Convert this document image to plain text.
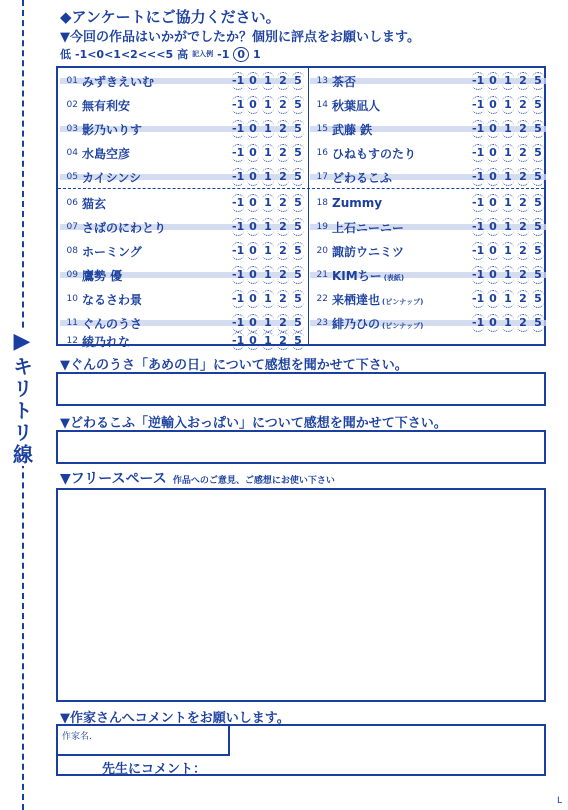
▶
キリトリ線
◆アンケートにご協力ください。
▼今回の作品はいかがでしたか？個別に評点をお願いします。
低 -1<0<1<2<<<5 高 記入例 -1 0 1
01 みずきえいむ	-1 0 1 2 5
02 無有利安	-1 0 1 2 5
03 影乃いりす	-1 0 1 2 5
04 水島空彦	-1 0 1 2 5
05 カイシンシ	-1 0 1 2 5
06 猫玄	-1 0 1 2 5
07 さばのにわとり	-1 0 1 2 5
08 ホーミング	-1 0 1 2 5
09 鷹勢 優	-1 0 1 2 5
10 なるさわ景	-1 0 1 2 5
11 ぐんのうさ	-1 0 1 2 5
12 綾乃れな	-1 0 1 2 5
13 茶否	-1 0 1 2 5
14 秋葉凪人	-1 0 1 2 5
15 武藤 鉄	-1 0 1 2 5
16 ひねもすのたり	-1 0 1 2 5
17 どわるこふ	-1 0 1 2 5
18 Zummy	-1 0 1 2 5
19 上石ニーニー	-1 0 1 2 5
20 諏訪ウニミツ	-1 0 1 2 5
21 KIMちー (表紙)	-1 0 1 2 5
22 来栖達也 (ピンナップ)	-1 0 1 2 5
23 緋乃ひの (ピンナップ)	-1 0 1 2 5
▼ぐんのうさ「あめの日」について感想を聞かせて下さい。
▼どわるこふ「逆輸入おっぱい」について感想を聞かせて下さい。
▼フリースペース 作品へのご意見、ご感想にお使い下さい
▼作家さんへコメントをお願いします。
作家名.
先生にコメント：
L
